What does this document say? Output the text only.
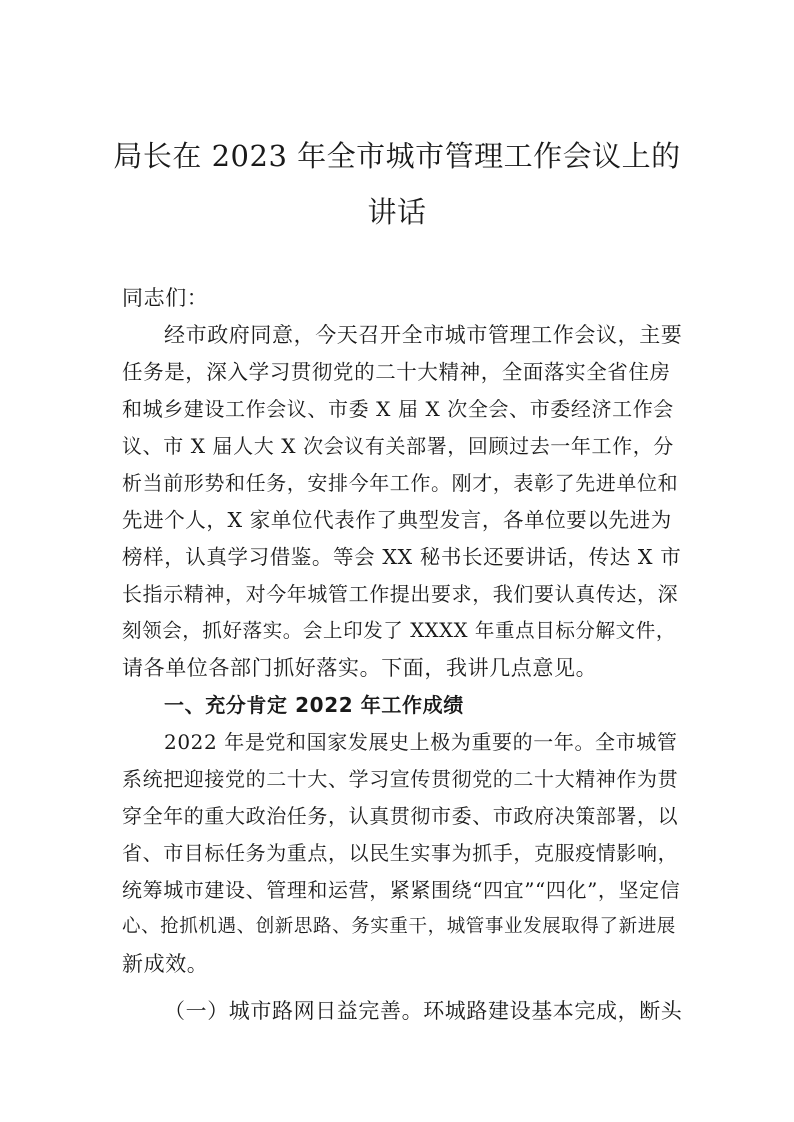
局长在 2023 年全市城市管理工作会议上的
讲话
同志们：
经市政府同意，今天召开全市城市管理工作会议，主要
任务是，深入学习贯彻党的二十大精神，全面落实全省住房
和城乡建设工作会议、市委 X 届 X 次全会、市委经济工作会
议、市 X 届人大 X 次会议有关部署，回顾过去一年工作，分
析当前形势和任务，安排今年工作。刚才，表彰了先进单位和
先进个人，X 家单位代表作了典型发言，各单位要以先进为
榜样，认真学习借鉴。等会 XX 秘书长还要讲话，传达 X 市
长指示精神，对今年城管工作提出要求，我们要认真传达，深
刻领会，抓好落实。会上印发了 XXXX 年重点目标分解文件，
请各单位各部门抓好落实。下面，我讲几点意见。
一、充分肯定 2022 年工作成绩
2022 年是党和国家发展史上极为重要的一年。全市城管
系统把迎接党的二十大、学习宣传贯彻党的二十大精神作为贯
穿全年的重大政治任务，认真贯彻市委、市政府决策部署，以
省、市目标任务为重点，以民生实事为抓手，克服疫情影响，
统筹城市建设、管理和运营，紧紧围绕“四宜”“四化”，坚定信
心、抢抓机遇、创新思路、务实重干，城管事业发展取得了新进展
新成效。
（一）城市路网日益完善。环城路建设基本完成，断头
